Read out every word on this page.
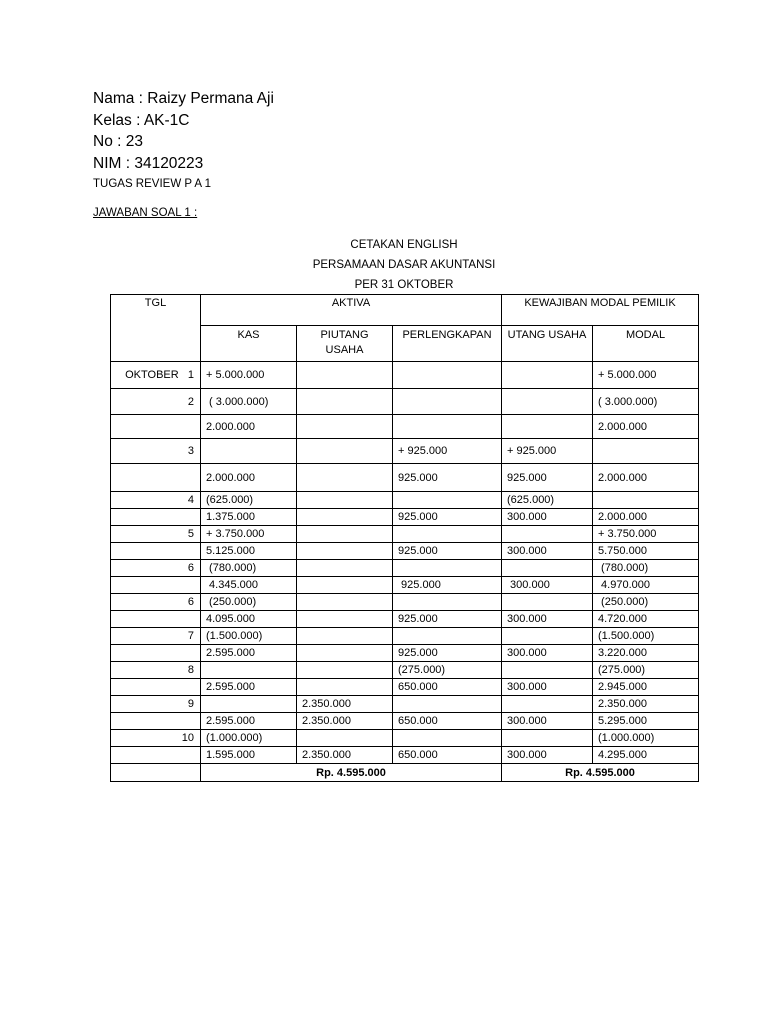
Nama : Raizy Permana Aji
Kelas : AK-1C
No : 23
NIM : 34120223
TUGAS REVIEW P A 1
JAWABAN SOAL 1 :
CETAKAN ENGLISH
PERSAMAAN DASAR AKUNTANSI
PER 31 OKTOBER
TGL	AKTIVA			KEWAJIBAN MODAL PEMILIK	
	KAS	PIUTANG USAHA	PERLENGKAPAN	UTANG USAHA	MODAL
OKTOBER   1	+ 5.000.000				+ 5.000.000
2	( 3.000.000)				( 3.000.000)
	2.000.000				2.000.000
3			+ 925.000	+ 925.000	
	2.000.000		925.000	925.000	2.000.000
4	(625.000)			(625.000)	
	1.375.000		925.000	300.000	2.000.000
5	+ 3.750.000				+ 3.750.000
	5.125.000		925.000	300.000	5.750.000
6	(780.000)				(780.000)
	4.345.000		925.000	300.000	4.970.000
6	(250.000)				(250.000)
	4.095.000		925.000	300.000	4.720.000
7	(1.500.000)				(1.500.000)
	2.595.000		925.000	300.000	3.220.000
8			(275.000)		(275.000)
	2.595.000		650.000	300.000	2.945.000
9		2.350.000			2.350.000
	2.595.000	2.350.000	650.000	300.000	5.295.000
10	(1.000.000)				(1.000.000)
	1.595.000	2.350.000	650.000	300.000	4.295.000
	Rp. 4.595.000			Rp. 4.595.000	
